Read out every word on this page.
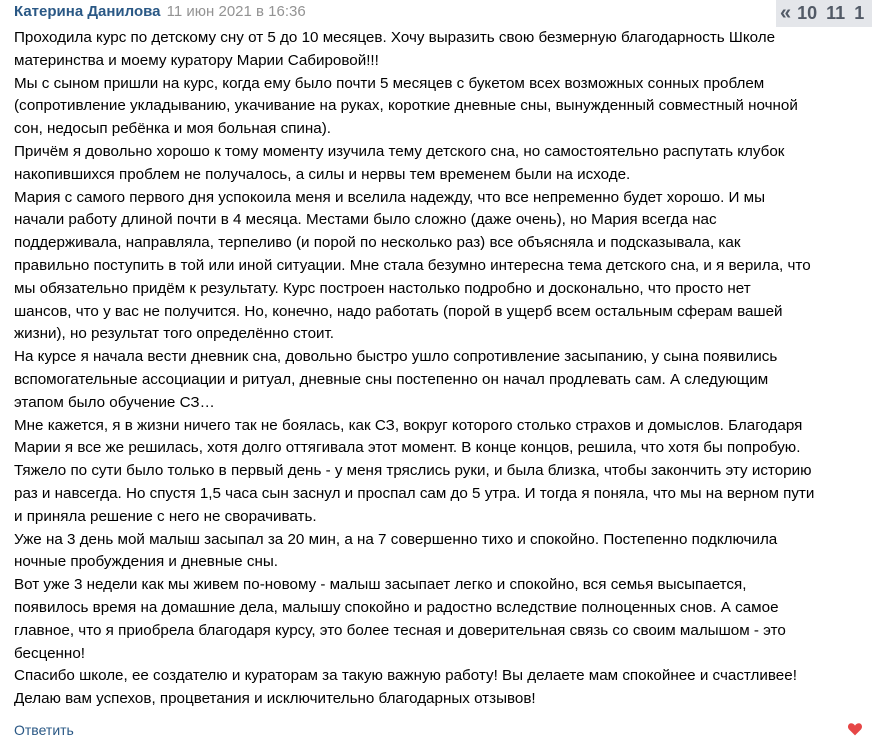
Катерина Данилова 11 июн 2021 в 16:36	« 10 11 1
Проходила курс по детскому сну от 5 до 10 месяцев. Хочу выразить свою безмерную благодарность Школе
материнства и моему куратору Марии Сабировой!!!
Мы с сыном пришли на курс, когда ему было почти 5 месяцев с букетом всех возможных сонных проблем
(сопротивление укладыванию, укачивание на руках, короткие дневные сны, вынужденный совместный ночной
сон, недосып ребёнка и моя больная спина).
Причём я довольно хорошо к тому моменту изучила тему детского сна, но самостоятельно распутать клубок
накопившихся проблем не получалось, а силы и нервы тем временем были на исходе.
Мария с самого первого дня успокоила меня и вселила надежду, что все непременно будет хорошо. И мы
начали работу длиной почти в 4 месяца. Местами было сложно (даже очень), но Мария всегда нас
поддерживала, направляла, терпеливо (и порой по несколько раз) все объясняла и подсказывала, как
правильно поступить в той или иной ситуации. Мне стала безумно интересна тема детского сна, и я верила, что
мы обязательно придём к результату. Курс построен настолько подробно и досконально, что просто нет
шансов, что у вас не получится. Но, конечно, надо работать (порой в ущерб всем остальным сферам вашей
жизни), но результат того определённо стоит.
На курсе я начала вести дневник сна, довольно быстро ушло сопротивление засыпанию, у сына появились
вспомогательные ассоциации и ритуал, дневные сны постепенно он начал продлевать сам. А следующим
этапом было обучение СЗ…
Мне кажется, я в жизни ничего так не боялась, как СЗ, вокруг которого столько страхов и домыслов. Благодаря
Марии я все же решилась, хотя долго оттягивала этот момент. В конце концов, решила, что хотя бы попробую.
Тяжело по сути было только в первый день - у меня тряслись руки, и была близка, чтобы закончить эту историю
раз и навсегда. Но спустя 1,5 часа сын заснул и проспал сам до 5 утра. И тогда я поняла, что мы на верном пути
и приняла решение с него не сворачивать.
Уже на 3 день мой малыш засыпал за 20 мин, а на 7 совершенно тихо и спокойно. Постепенно подключила
ночные пробуждения и дневные сны.
Вот уже 3 недели как мы живем по-новому - малыш засыпает легко и спокойно, вся семья высыпается,
появилось время на домашние дела, малышу спокойно и радостно вследствие полноценных снов. А самое
главное, что я приобрела благодаря курсу, это более тесная и доверительная связь со своим малышом - это
бесценно!
Спасибо школе, ее создателю и кураторам за такую важную работу! Вы делаете мам спокойнее и счастливее!
Делаю вам успехов, процветания и исключительно благодарных отзывов!
Ответить
